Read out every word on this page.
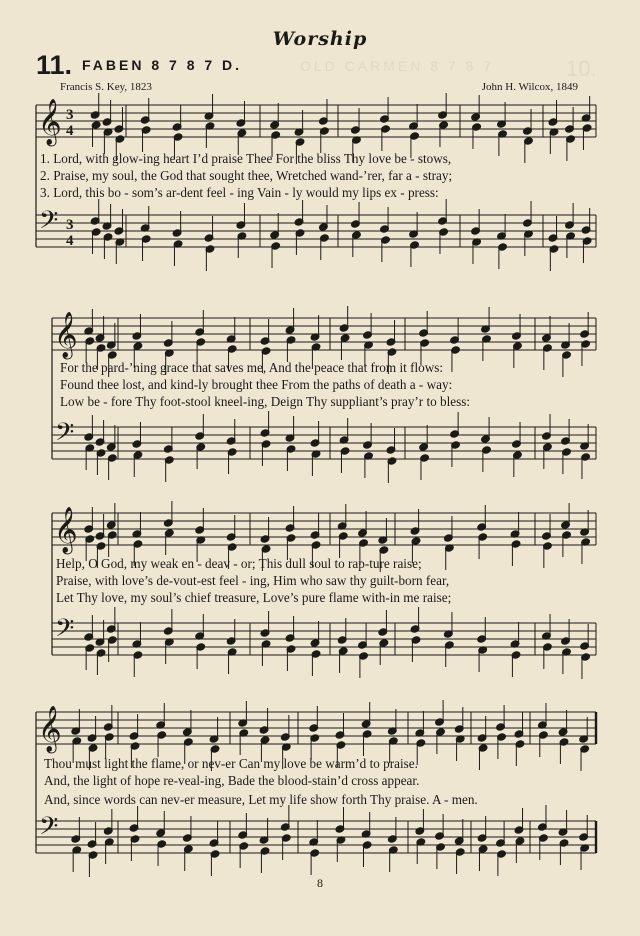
OLD CARMEN 8 7 8 7	10.
Worship
11. FABEN 8 7 8 7 D.
Francis S. Key, 1823	John H. Wilcox, 1849
𝄞
𝄢
3
4
3
4
𝄞
𝄢
𝄞
𝄢
𝄞
𝄢
1. Lord, with glow-ing heart I’d praise Thee For the bliss Thy love be - stows,
2. Praise, my soul, the God that sought thee, Wretched wand-’rer, far a - stray;
3. Lord, this bo - som’s ar-dent feel - ing Vain - ly would my lips ex - press:
For the pard-’ning grace that saves me, And the peace that from it flows:
Found thee lost, and kind-ly brought thee From the paths of death a - way:
Low be - fore Thy foot-stool kneel-ing, Deign Thy suppliant’s pray’r to bless:
Help, O God, my weak en - deav - or; This dull soul to rap-ture raise;
Praise, with love’s de-vout-est feel - ing, Him who saw thy guilt-born fear,
Let Thy love, my soul’s chief treasure, Love’s pure flame with-in me raise;
Thou must light the flame, or nev-er Can my love be warm’d to praise.
And, the light of hope re-veal-ing, Bade the blood-stain’d cross appear.
And, since words can nev-er measure, Let my life show forth Thy praise. A - men.
8
